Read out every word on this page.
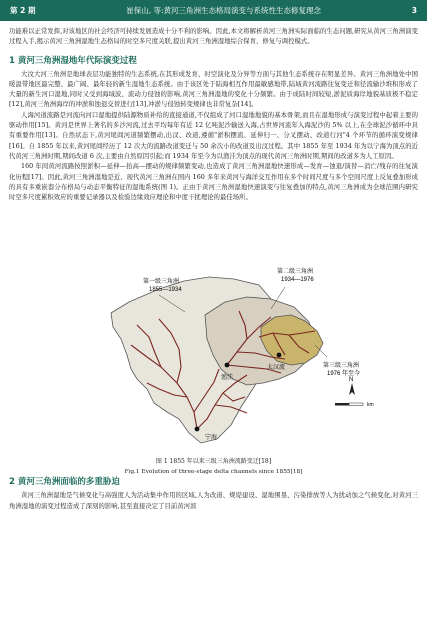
第 2 期	崔保山, 等:黄河三角洲生态格局演变与系统性生态修复理念	3

功能难以正常发挥,对该地区的社会经济可持续发展造成十分不利的影响。因此,本文将解析黄河三角洲实际面临的生态问题,研究从黄河三角洲演变过程入手,揭示黄河三角洲湿地生态格局的时空多尺度关联,提出黄河三角洲湿地综合保育、修复与调控模式。

1 黄河三角洲湿地年代际演变过程

大汶大河三角洲是地球表层功能独特的生态系统,在其形成发育、时空演化及分异等方面与其他生态系统存在明显差异。黄河三角洲地处中国暖温带地区最完整、最广阔、最年轻的新生湿地生态系统。由于该区处于陆海相互作用最敏感地带,陆域黄河流路往复变迁和径流输沙堆积形成了大量的新生河口湿地,同时又受到海域波、流动力侵蚀的影响,黄河三角洲湿地的变化十分频繁。由于成陆时间较短,淤泥质海岸地貌基质极不稳定[12],黄河三角洲海岸的冲淤和蚀退交替进行[13],冲淤与侵蚀转变规律也非常复杂[14]。

人海河道流路是河流向河口湿地提供陆源物质补给的直接通道,不仅组成了河口湿地地貌的基本骨架,而且在湿地形成与演变过程中起着主要的驱动作用[15]。黄河是世界上著名的多沙河流,过去平均每年有近 12 亿吨泥沙输送入海,占世界河流年入海泥沙的 5% 以上,在全球泥沙循环中具有重要作用[13]。自然状态下,黄河尾闾河道频繁摆动,出汊、改道,遵循"淤积摆流、延伸归一、分叉摆动、改道行河"4 个环节的循环演变规律[16]。自 1855 年以来,黄河尾闾经历了 12 次大的流路改道变迁与 50 余次小的改道及出汊过程。其中 1855 年至 1934 年为以宁海为顶点的近代黄河三角洲时期,期间改道 6 次,主要由自然原因引起;而 1934 年至今为以渔洼为顶点的现代黄河三角洲时期,期间的改道多为人工原因。

160 年间黄河流路按照淤积—延伸—抬高—摆动的规律频繁变动,也造成了黄河三角洲湿地快速形成—发育—蚀退/演替—消亡/残存的往复演化历程[17]。因此,黄河三角洲湿地是近、现代黄河三角洲在国内 160 多年来黄河与海洋交互作用在多个时间尺度与多个空间尺度上反复叠加形成的具有多重嵌套分布格局与动态平衡特征的湿地系统(图 1)。正由于黄河三角洲湿地快速演变与往复叠加的特点,黄河三角洲成为全球范围内研究时空多尺度累积效应的重要记录器以及检验边缘效应理论和中度干扰理论的最佳场所。

宁海
渔洼
太汉流
第一级三角洲
1855—1934
第二级三角洲
1934—1976
第三级三角洲
1976 年至今
N
km
图 1 1855 年以来三级三角洲流路变迁[18]
Fig.1 Evolution of three-stage delta channels since 1855[18]
2 黄河三角洲面临的多重胁迫

黄河三角洲湿地是气候变化与高强度人为活动集中作用的区域,人为改道、规堤建设、湿地围垦、污染排放等人为扰动加之气候变化,对黄河三角洲湿地的演变过程造成了深刻的影响,甚至直接决定了目前黄河滨
